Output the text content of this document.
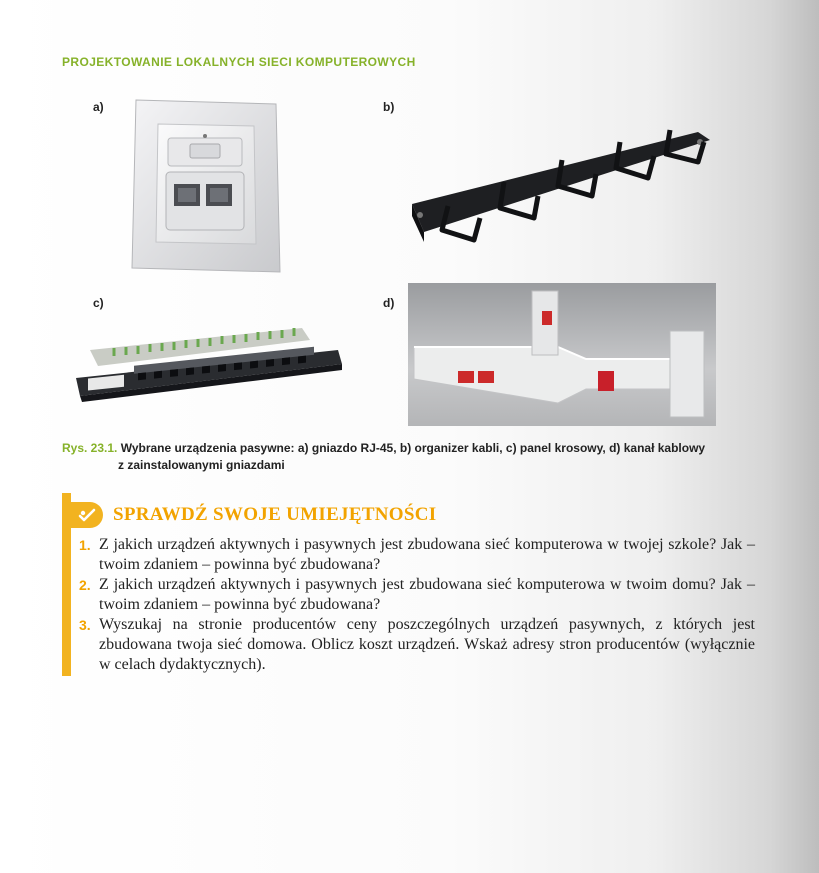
PROJEKTOWANIE LOKALNYCH SIECI KOMPUTEROWYCH
a)	b)
c)	d)
Rys. 23.1. Wybrane urządzenia pasywne: a) gniazdo RJ-45, b) organizer kabli, c) panel krosowy, d) kanał kablowy
z zainstalowanymi gniazdami
SPRAWDŹ SWOJE UMIEJĘTNOŚCI
1. Z jakich urządzeń aktywnych i pasywnych jest zbudowana sieć komputerowa w twojej szkole? Jak – twoim zdaniem – powinna być zbudowana?
2. Z jakich urządzeń aktywnych i pasywnych jest zbudowana sieć komputerowa w twoim domu? Jak – twoim zdaniem – powinna być zbudowana?
3. Wyszukaj na stronie producentów ceny poszczególnych urządzeń pasywnych, z których jest zbudowana twoja sieć domowa. Oblicz koszt urządzeń. Wskaż adresy stron producentów (wyłącznie w celach dydaktycznych).
